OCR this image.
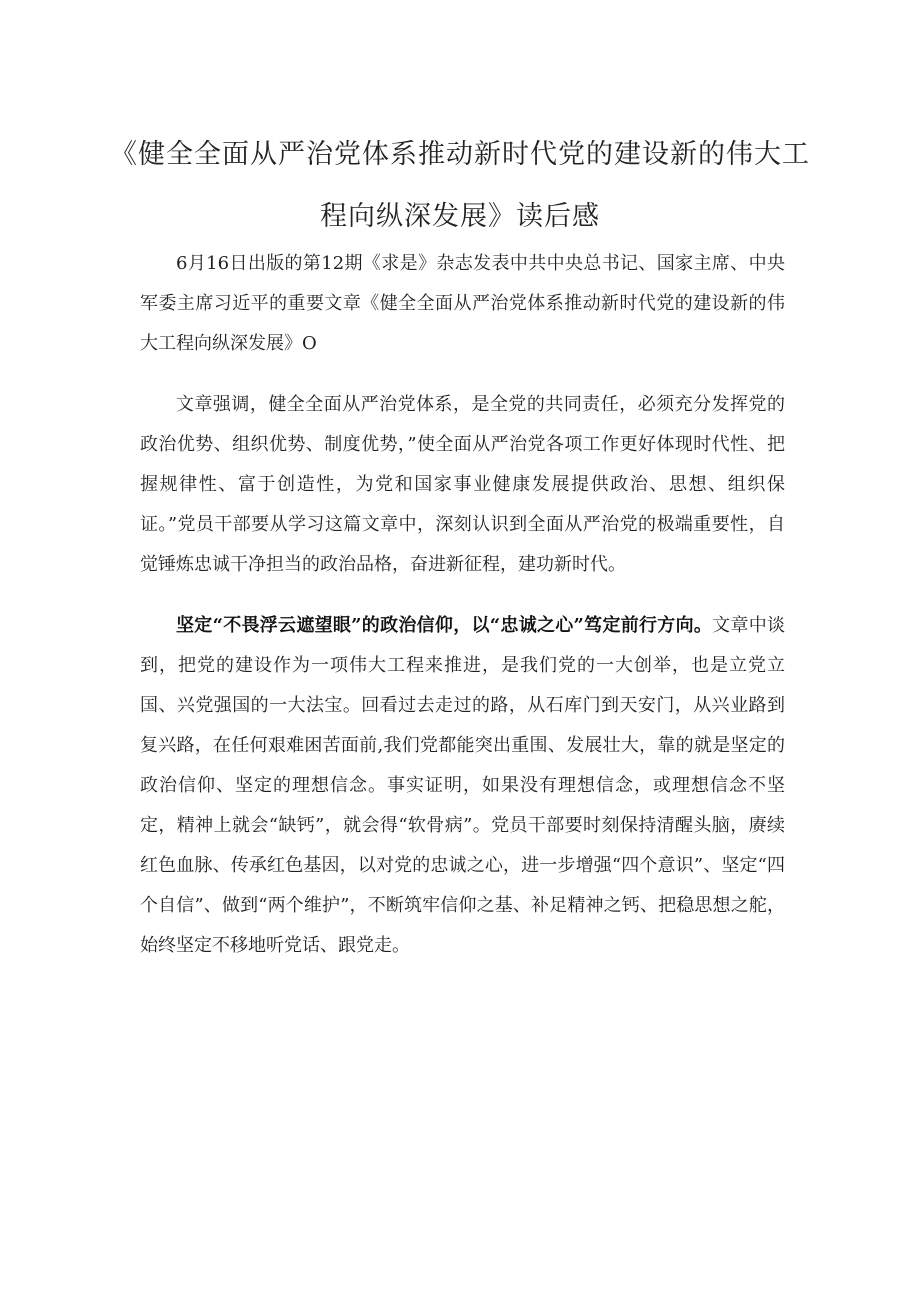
《健全全面从严治党体系推动新时代党的建设新的伟大工程向纵深发展》读后感

6月16日出版的第12期《求是》杂志发表中共中央总书记、国家主席、中央军委主席习近平的重要文章《健全全面从严治党体系推动新时代党的建设新的伟大工程向纵深发展》O

文章强调，健全全面从严治党体系，是全党的共同责任，必须充分发挥党的政治优势、组织优势、制度优势，”使全面从严治党各项工作更好体现时代性、把握规律性、富于创造性，为党和国家事业健康发展提供政治、思想、组织保证。”党员干部要从学习这篇文章中，深刻认识到全面从严治党的极端重要性，自觉锤炼忠诚干净担当的政治品格，奋进新征程，建功新时代。

坚定“不畏浮云遮望眼”的政治信仰，以“忠诚之心”笃定前行方向。文章中谈到，把党的建设作为一项伟大工程来推进，是我们党的一大创举，也是立党立国、兴党强国的一大法宝。回看过去走过的路，从石库门到天安门，从兴业路到复兴路，在任何艰难困苦面前,我们党都能突出重围、发展壮大，靠的就是坚定的政治信仰、坚定的理想信念。事实证明，如果没有理想信念，或理想信念不坚定，精神上就会“缺钙”，就会得“软骨病”。党员干部要时刻保持清醒头脑，赓续红色血脉、传承红色基因，以对党的忠诚之心，进一步增强“四个意识”、坚定“四个自信”、做到“两个维护”，不断筑牢信仰之基、补足精神之钙、把稳思想之舵，始终坚定不移地听党话、跟党走。
